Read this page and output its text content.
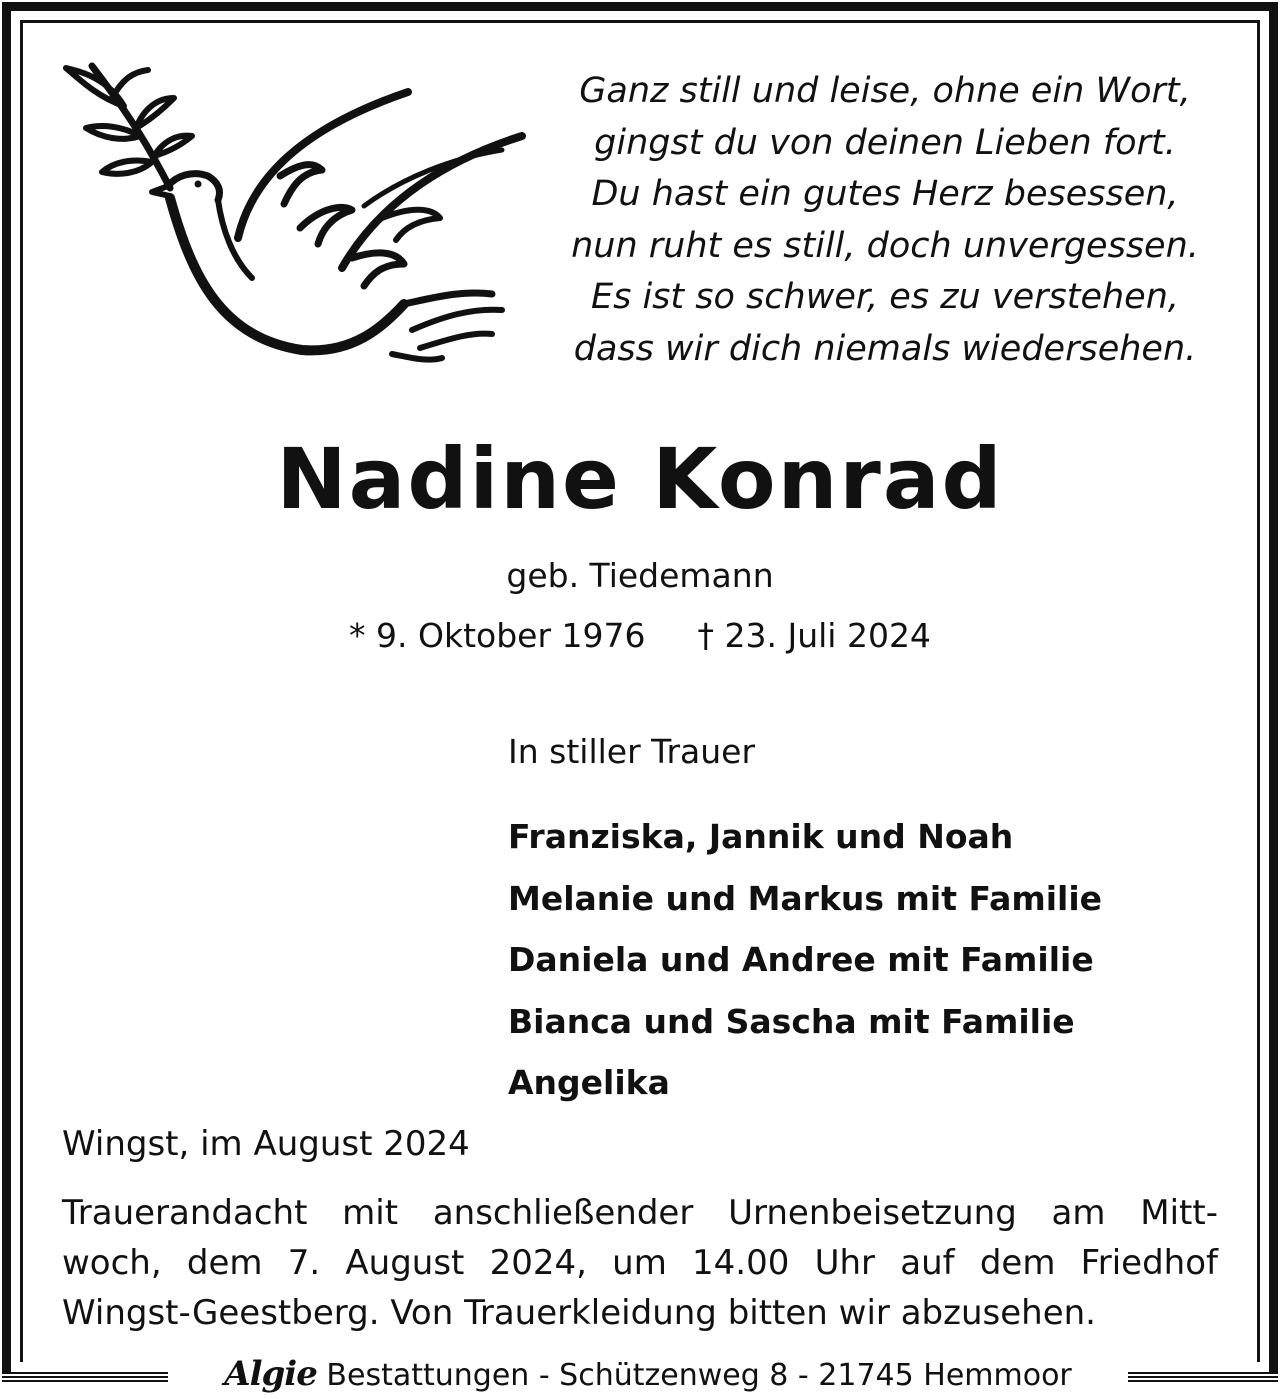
Ganz still und leise, ohne ein Wort,
gingst du von deinen Lieben fort.
Du hast ein gutes Herz besessen,
nun ruht es still, doch unvergessen.
Es ist so schwer, es zu verstehen,
dass wir dich niemals wiedersehen.
Nadine Konrad
geb. Tiedemann
* 9. Oktober 1976 † 23. Juli 2024
In stiller Trauer
Franziska, Jannik und Noah
Melanie und Markus mit Familie
Daniela und Andree mit Familie
Bianca und Sascha mit Familie
Angelika
Wingst, im August 2024
Trauerandacht mit anschließender Urnenbeisetzung am Mitt-
woch, dem 7. August 2024, um 14.00 Uhr auf dem Friedhof
Wingst-Geestberg. Von Trauerkleidung bitten wir abzusehen.
Algie Bestattungen - Schützenweg 8 - 21745 Hemmoor
